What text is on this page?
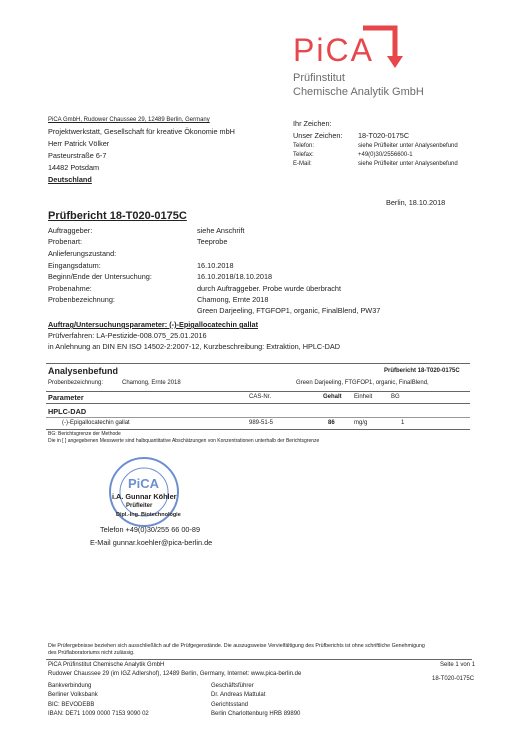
PiCA
Prüfinstitut
Chemische Analytik GmbH
PiCA GmbH, Rudower Chaussee 29, 12489 Berlin, Germany
Projektwerkstatt, Gesellschaft für kreative Ökonomie mbH
Herr Patrick Völker
Pasteurstraße 6-7
14482 Potsdam
Deutschland
Ihr Zeichen:
Unser Zeichen: 18-T020-0175C
Telefon:	siehe Prüfleiter unter Analysenbefund
Telefax:	+49(0)30/2556600-1
E-Mail:	siehe Prüfleiter unter Analysenbefund
Berlin, 18.10.2018
Prüfbericht 18-T020-0175C
Auftraggeber:	siehe Anschrift
Probenart:	Teeprobe
Anlieferungszustand:
Eingangsdatum:	16.10.2018
Beginn/Ende der Untersuchung:	16.10.2018/18.10.2018
Probenahme:	durch Auftraggeber. Probe wurde überbracht
Probenbezeichnung:	Chamong, Ernte 2018
Green Darjeeling, FTGFOP1, organic, FinalBlend, PW37
Auftrag/Untersuchungsparameter: (-)-Epigallocatechin gallat
Prüfverfahren: LA-Pestizide-008.075_25.01.2016
in Anlehnung an DIN EN ISO 14502-2:2007-12, Kurzbeschreibung: Extraktion, HPLC-DAD
Analysenbefund	Prüfbericht 18-T020-0175C
Probenbezeichnung:	Chamong, Ernte 2018	Green Darjeeling, FTGFOP1, organic, FinalBlend,
Parameter	CAS-Nr.	Gehalt Einheit	BG
HPLC-DAD
(-)-Epigallocatechin gallat	989-51-5	86	mg/g	1
BG: Berichtsgrenze der Methode
Die in [ ] angegebenen Messwerte sind halbquantitative Abschätzungen von Konzentrationen unterhalb der Berichtsgrenze
PiCA
i.A. Gunnar Köhler
Prüfleiter
Dipl.-Ing. Biotechnologie
Telefon +49(0)30/255 66 00-89
E-Mail gunnar.koehler@pica-berlin.de
Die Prüfergebnisse beziehen sich ausschließlich auf die Prüfgegenstände. Die auszugsweise Vervielfältigung des Prüfberichts ist ohne schriftliche Genehmigung
des Prüflaboratoriums nicht zulässig.
PiCA Prüfinstitut Chemische Analytik GmbH
Rudower Chaussee 29 (im IGZ Adlershof), 12489 Berlin, Germany, Internet: www.pica-berlin.de
Seite 1 von 1
18-T020-0175C
Bankverbindung
Berliner Volksbank
BIC: BEVODEBB
IBAN: DE71 1009 0000 7153 9090 02
Geschäftsführer
Dr. Andreas Mattulat
Gerichtsstand
Berlin Charlottenburg HRB 89890
